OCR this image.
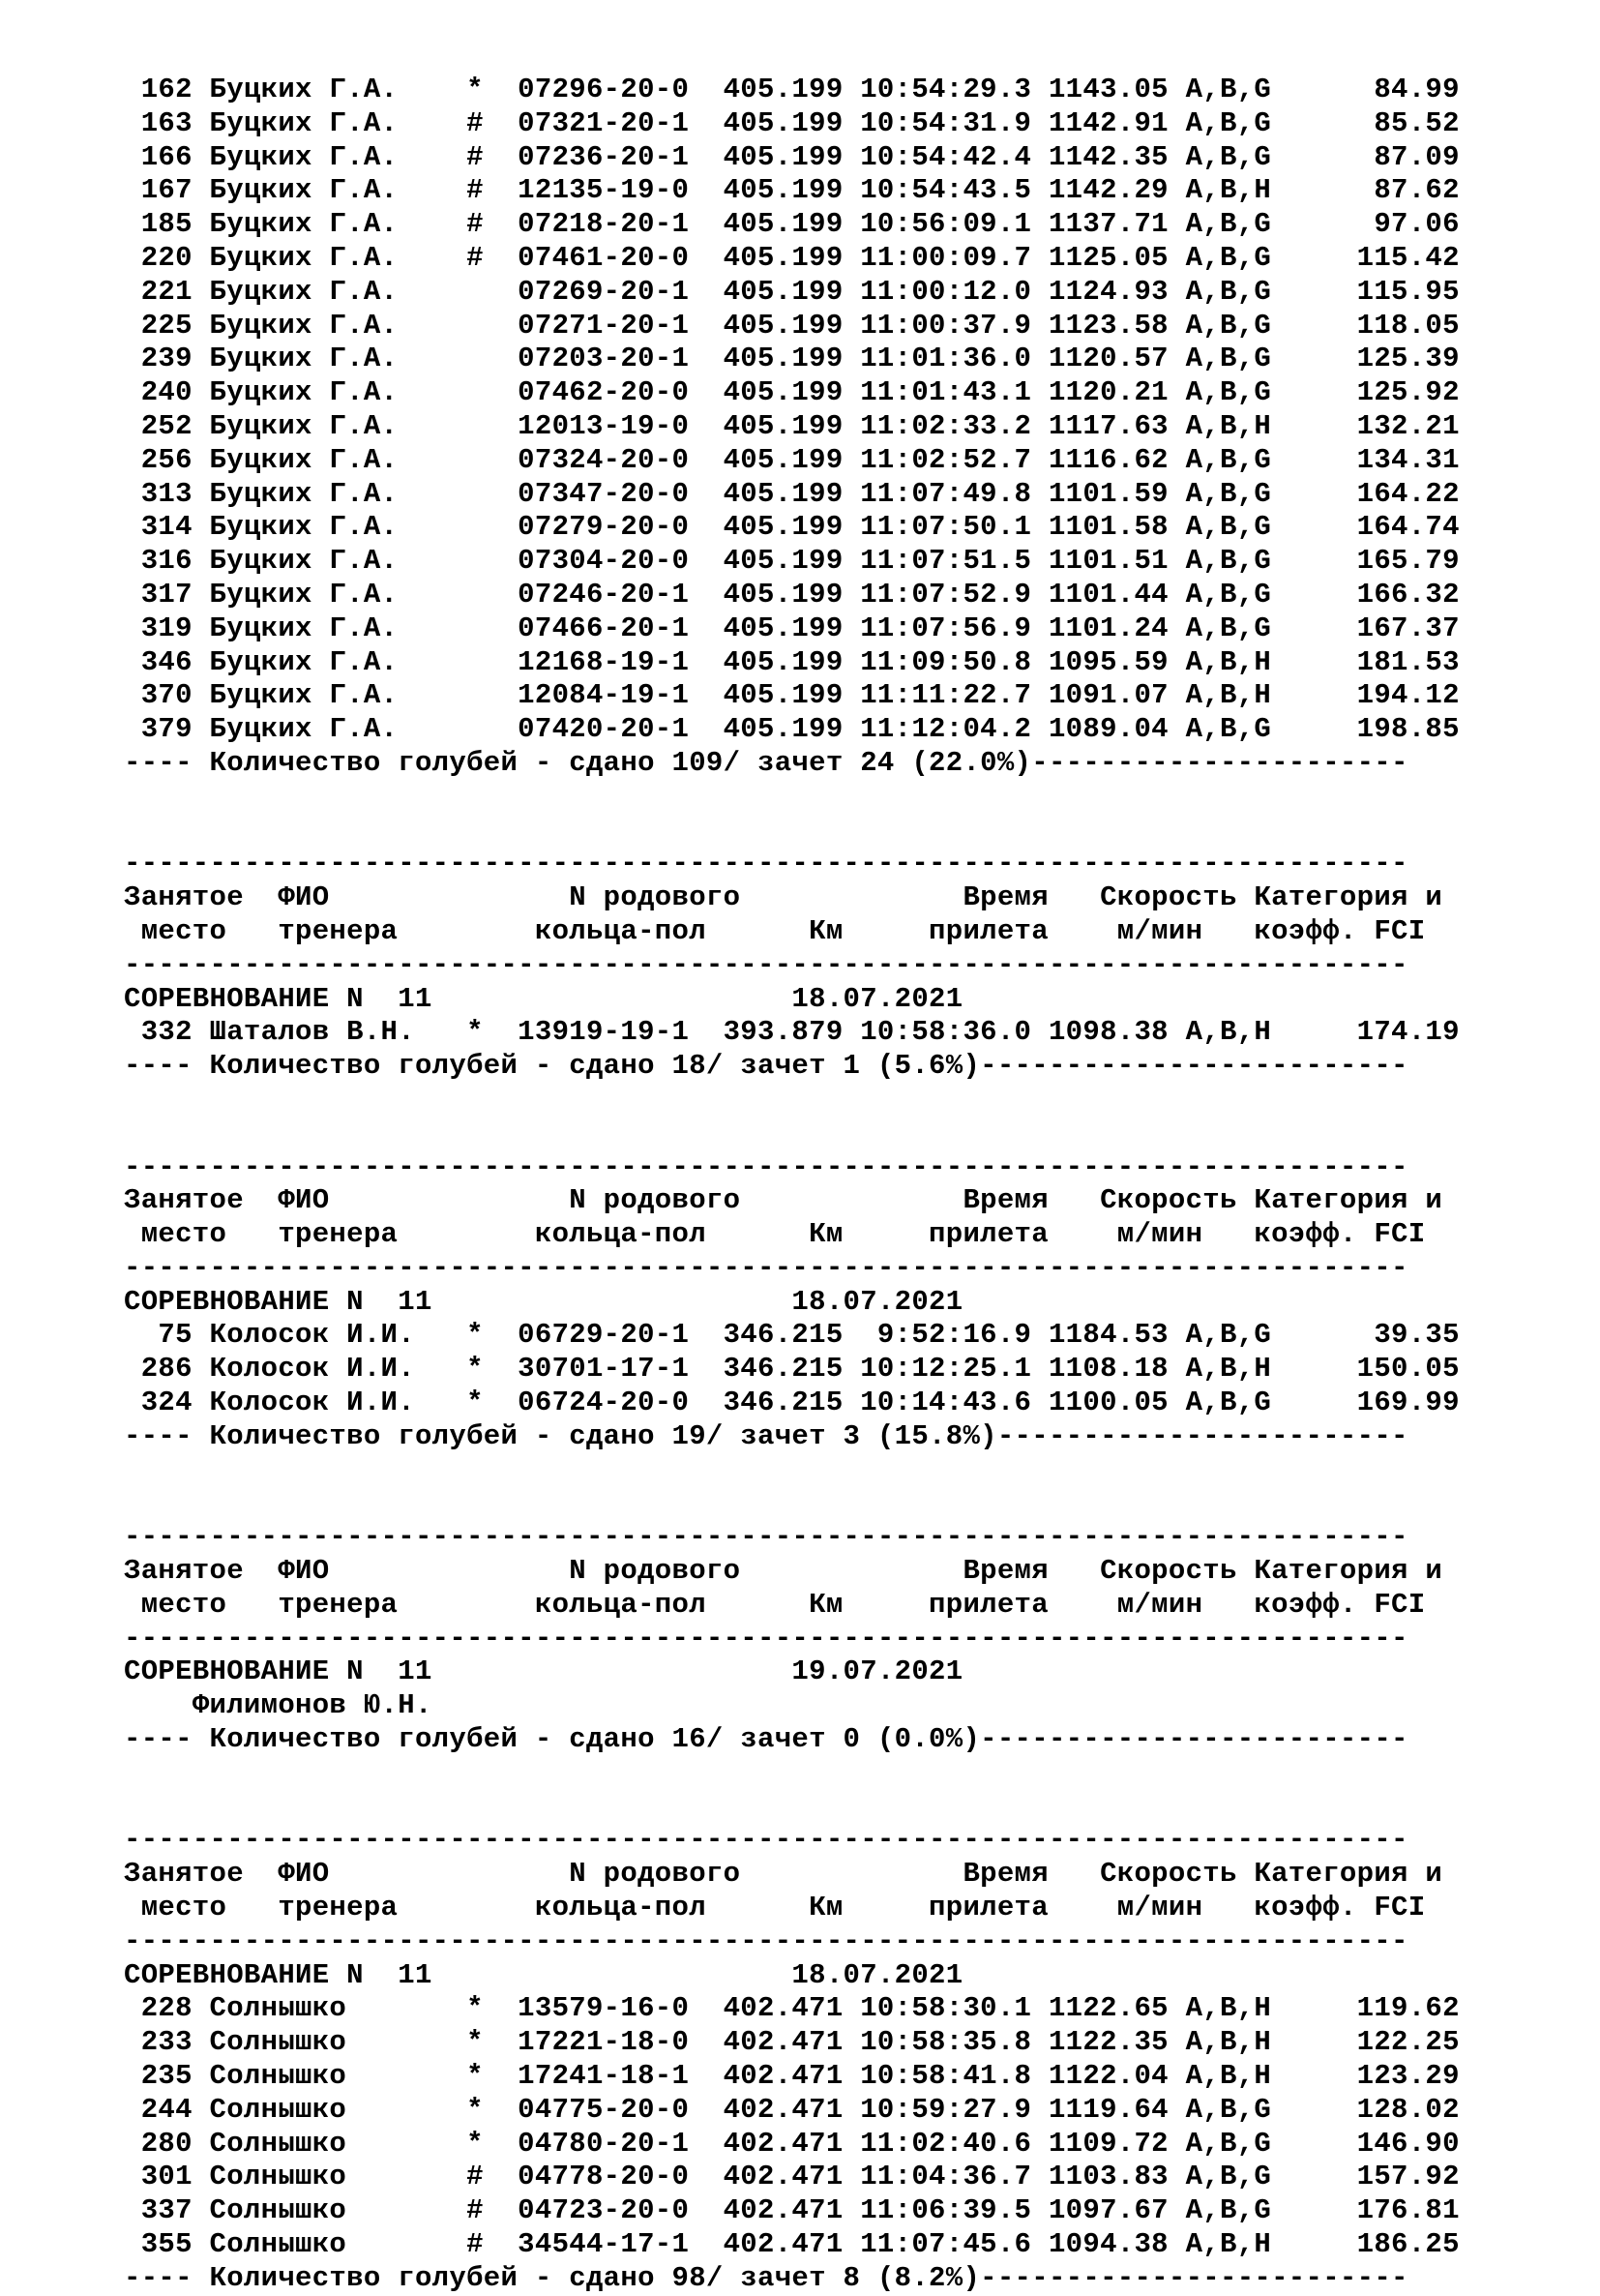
162 Буцких Г.А.    *  07296-20-0  405.199 10:54:29.3 1143.05 A,B,G      84.99
163 Буцких Г.А.    #  07321-20-1  405.199 10:54:31.9 1142.91 A,B,G      85.52
166 Буцких Г.А.    #  07236-20-1  405.199 10:54:42.4 1142.35 A,B,G      87.09
167 Буцких Г.А.    #  12135-19-0  405.199 10:54:43.5 1142.29 A,B,H      87.62
185 Буцких Г.А.    #  07218-20-1  405.199 10:56:09.1 1137.71 A,B,G      97.06
220 Буцких Г.А.    #  07461-20-0  405.199 11:00:09.7 1125.05 A,B,G     115.42
221 Буцких Г.А.       07269-20-1  405.199 11:00:12.0 1124.93 A,B,G     115.95
225 Буцких Г.А.       07271-20-1  405.199 11:00:37.9 1123.58 A,B,G     118.05
239 Буцких Г.А.       07203-20-1  405.199 11:01:36.0 1120.57 A,B,G     125.39
240 Буцких Г.А.       07462-20-0  405.199 11:01:43.1 1120.21 A,B,G     125.92
252 Буцких Г.А.       12013-19-0  405.199 11:02:33.2 1117.63 A,B,H     132.21
256 Буцких Г.А.       07324-20-0  405.199 11:02:52.7 1116.62 A,B,G     134.31
313 Буцких Г.А.       07347-20-0  405.199 11:07:49.8 1101.59 A,B,G     164.22
314 Буцких Г.А.       07279-20-0  405.199 11:07:50.1 1101.58 A,B,G     164.74
316 Буцких Г.А.       07304-20-0  405.199 11:07:51.5 1101.51 A,B,G     165.79
317 Буцких Г.А.       07246-20-1  405.199 11:07:52.9 1101.44 A,B,G     166.32
319 Буцких Г.А.       07466-20-1  405.199 11:07:56.9 1101.24 A,B,G     167.37
346 Буцких Г.А.       12168-19-1  405.199 11:09:50.8 1095.59 A,B,H     181.53
370 Буцких Г.А.       12084-19-1  405.199 11:11:22.7 1091.07 A,B,H     194.12
379 Буцких Г.А.       07420-20-1  405.199 11:12:04.2 1089.04 A,B,G     198.85
---- Количество голубей - сдано 109/ зачет 24 (22.0%)----------------------
---------------------------------------------------------------------------
Занятое ФИО	N родового	Время Скорость Категория и
место тренера	кольца-пол	Км	прилета м/мин коэфф. FCI
---------------------------------------------------------------------------
СОРЕВНОВАНИЕ N  11	18.07.2021
332 Шаталов В.Н.   *  13919-19-1  393.879 10:58:36.0 1098.38 A,B,H     174.19
---- Количество голубей - сдано 18/ зачет 1 (5.6%)-------------------------
---------------------------------------------------------------------------
Занятое ФИО	N родового	Время Скорость Категория и
место тренера	кольца-пол	Км	прилета м/мин коэфф. FCI
---------------------------------------------------------------------------
СОРЕВНОВАНИЕ N  11	18.07.2021
75 Колосок И.И.   *  06729-20-1  346.215  9:52:16.9 1184.53 A,B,G      39.35
286 Колосок И.И.   *  30701-17-1  346.215 10:12:25.1 1108.18 A,B,H     150.05
324 Колосок И.И.   *  06724-20-0  346.215 10:14:43.6 1100.05 A,B,G     169.99
---- Количество голубей - сдано 19/ зачет 3 (15.8%)------------------------
---------------------------------------------------------------------------
Занятое ФИО	N родового	Время Скорость Категория и
место тренера	кольца-пол	Км	прилета м/мин коэфф. FCI
---------------------------------------------------------------------------
СОРЕВНОВАНИЕ N  11	19.07.2021
Филимонов Ю.Н.
---- Количество голубей - сдано 16/ зачет 0 (0.0%)-------------------------
---------------------------------------------------------------------------
Занятое ФИО	N родового	Время Скорость Категория и
место тренера	кольца-пол	Км	прилета м/мин коэфф. FCI
---------------------------------------------------------------------------
СОРЕВНОВАНИЕ N  11	18.07.2021
228 Солнышко       *  13579-16-0  402.471 10:58:30.1 1122.65 A,B,H     119.62
233 Солнышко       *  17221-18-0  402.471 10:58:35.8 1122.35 A,B,H     122.25
235 Солнышко       *  17241-18-1  402.471 10:58:41.8 1122.04 A,B,H     123.29
244 Солнышко       *  04775-20-0  402.471 10:59:27.9 1119.64 A,B,G     128.02
280 Солнышко       *  04780-20-1  402.471 11:02:40.6 1109.72 A,B,G     146.90
301 Солнышко       #  04778-20-0  402.471 11:04:36.7 1103.83 A,B,G     157.92
337 Солнышко       #  04723-20-0  402.471 11:06:39.5 1097.67 A,B,G     176.81
355 Солнышко       #  34544-17-1  402.471 11:07:45.6 1094.38 A,B,H     186.25
---- Количество голубей - сдано 98/ зачет 8 (8.2%)-------------------------
